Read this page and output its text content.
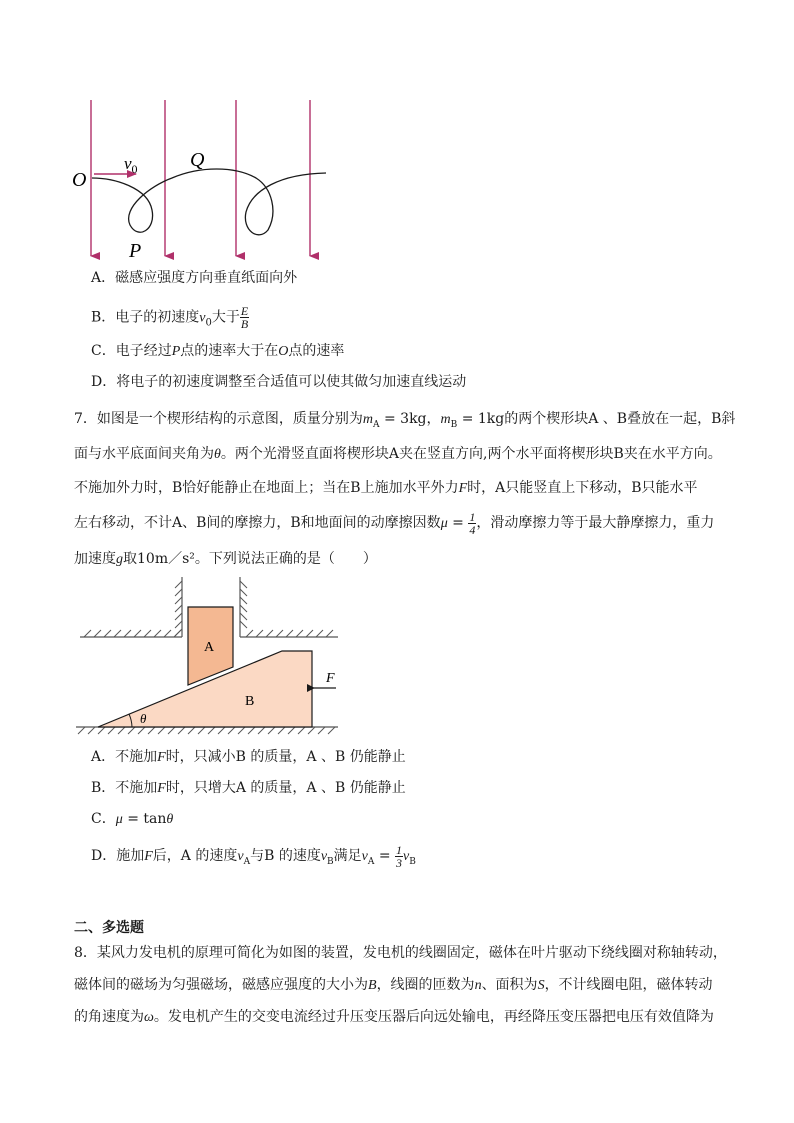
O
$v_0$	Q
P
A．磁感应强度方向垂直纸面向外
B．电子的初速度$v_0$大于 $\frac{E}{B}$
C．电子经过P点的速率大于在O点的速率
D．将电子的初速度调整至合适值可以使其做匀加速直线运动
7．如图是一个楔形结构的示意图，质量分别为$m_A = 3kg$，$m_B = 1kg$的两个楔形块A 、B叠放在一起，B斜
面与水平底面间夹角为θ。两个光滑竖直面将楔形块A夹在竖直方向,两个水平面将楔形块B夹在水平方向。
不施加外力时，B恰好能静止在地面上；当在B上施加水平外力F时，A只能竖直上下移动，B只能水平
左右移动，不计A、B间的摩擦力，B和地面间的动摩擦因数$\mu = \frac{1}{4}$ ，滑动摩擦力等于最大静摩擦力，重力
加速度g取10m／s²。下列说法正确的是（　　）
θ
A
B
F
A．不施加F时，只减小B 的质量，A 、B 仍能静止
B．不施加F时，只增大A 的质量，A 、B 仍能静止
C．μ = tanθ
D．施加F后，A 的速度$v_A$与B 的速度$v_B$满足$v_A = \frac{1}{3} v_B$
二、多选题
8．某风力发电机的原理可简化为如图的装置，发电机的线圈固定，磁体在叶片驱动下绕线圈对称轴转动，
磁体间的磁场为匀强磁场，磁感应强度的大小为B，线圈的匝数为n、面积为S，不计线圈电阻，磁体转动
的角速度为ω。发电机产生的交变电流经过升压变压器后向远处输电，再经降压变压器把电压有效值降为
